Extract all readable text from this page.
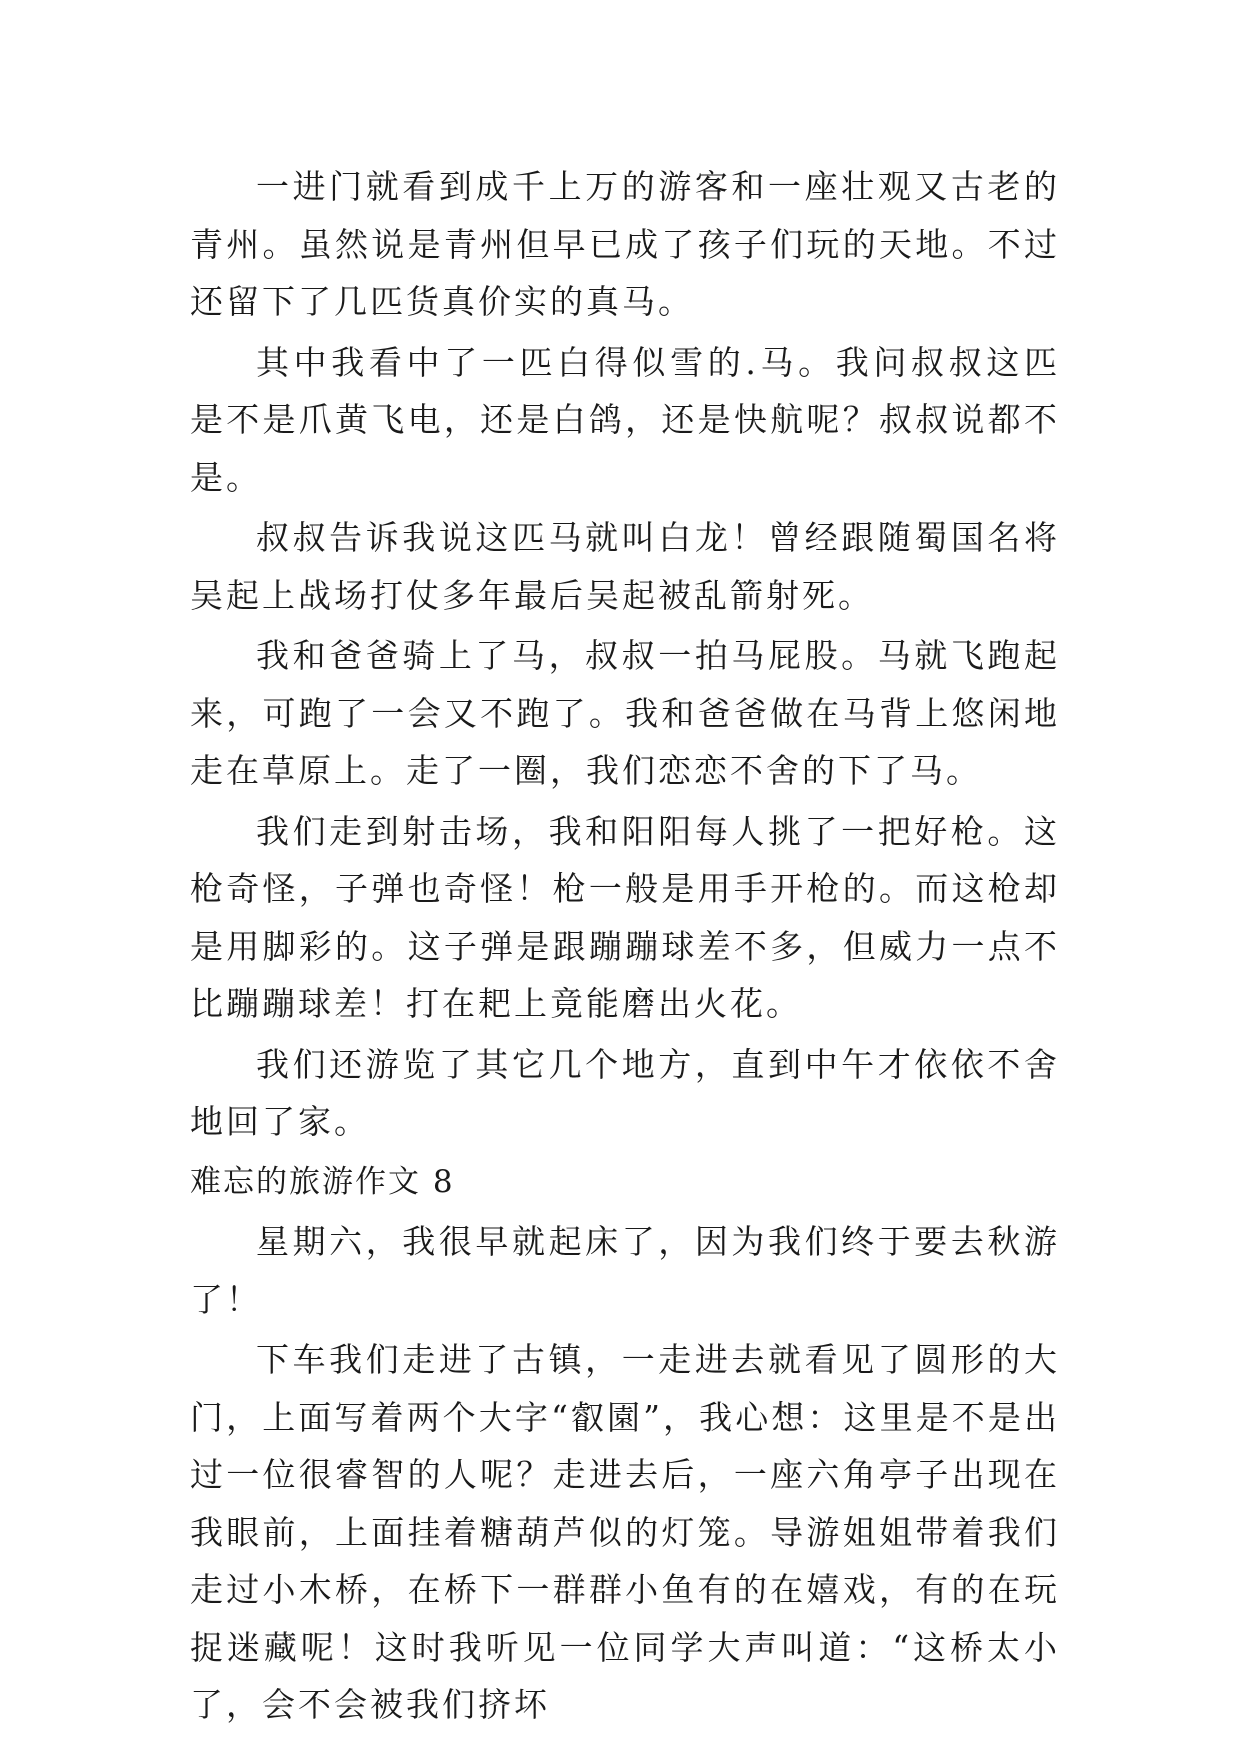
一进门就看到成千上万的游客和一座壮观又古老的青州。虽然说是青州但早已成了孩子们玩的天地。不过还留下了几匹货真价实的真马。

其中我看中了一匹白得似雪的.马。我问叔叔这匹是不是爪黄飞电，还是白鸽，还是快航呢？叔叔说都不是。

叔叔告诉我说这匹马就叫白龙！曾经跟随蜀国名将吴起上战场打仗多年最后吴起被乱箭射死。

我和爸爸骑上了马，叔叔一拍马屁股。马就飞跑起来，可跑了一会又不跑了。我和爸爸做在马背上悠闲地走在草原上。走了一圈，我们恋恋不舍的下了马。

我们走到射击场，我和阳阳每人挑了一把好枪。这枪奇怪，子弹也奇怪！枪一般是用手开枪的。而这枪却是用脚彩的。这子弹是跟蹦蹦球差不多，但威力一点不比蹦蹦球差！打在耙上竟能磨出火花。

我们还游览了其它几个地方，直到中午才依依不舍地回了家。

难忘的旅游作文 8

星期六，我很早就起床了，因为我们终于要去秋游了！

下车我们走进了古镇，一走进去就看见了圆形的大门，上面写着两个大字“叡園”，我心想：这里是不是出过一位很睿智的人呢？走进去后，一座六角亭子出现在我眼前，上面挂着糖葫芦似的灯笼。导游姐姐带着我们走过小木桥，在桥下一群群小鱼有的在嬉戏，有的在玩捉迷藏呢！这时我听见一位同学大声叫道：“这桥太小了，会不会被我们挤坏
